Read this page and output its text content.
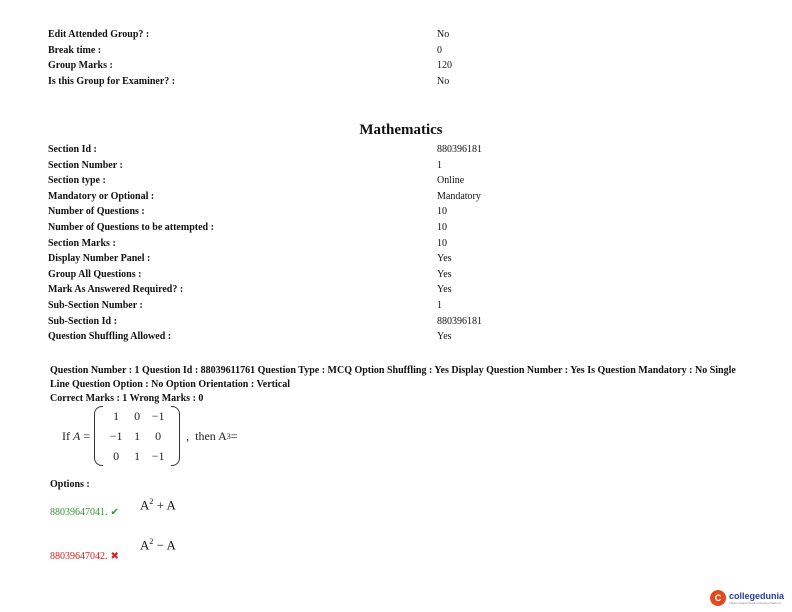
Edit Attended Group? :	No
Break time :	0
Group Marks :	120
Is this Group for Examiner? :	No
Mathematics
Section Id :	880396181
Section Number :	1
Section type :	Online
Mandatory or Optional :	Mandatory
Number of Questions :	10
Number of Questions to be attempted :	10
Section Marks :	10
Display Number Panel :	Yes
Group All Questions :	Yes
Mark As Answered Required? :	Yes
Sub-Section Number :	1
Sub-Section Id :	880396181
Question Shuffling Allowed :	Yes
Question Number : 1 Question Id : 88039611761 Question Type : MCQ Option Shuffling : Yes Display Question Number : Yes Is Question Mandatory : No Single Line Question Option : No Option Orientation : Vertical
Correct Marks : 1 Wrong Marks : 0
If
A
=
1	0 −1
−1 1	0
0	1 −1
,
then A 3 =
Options :
88039647041. ✔
$A^2 + A$
88039647042. ✖
$A^2 - A$
C collegedunia
India's largest Student Review Platform
